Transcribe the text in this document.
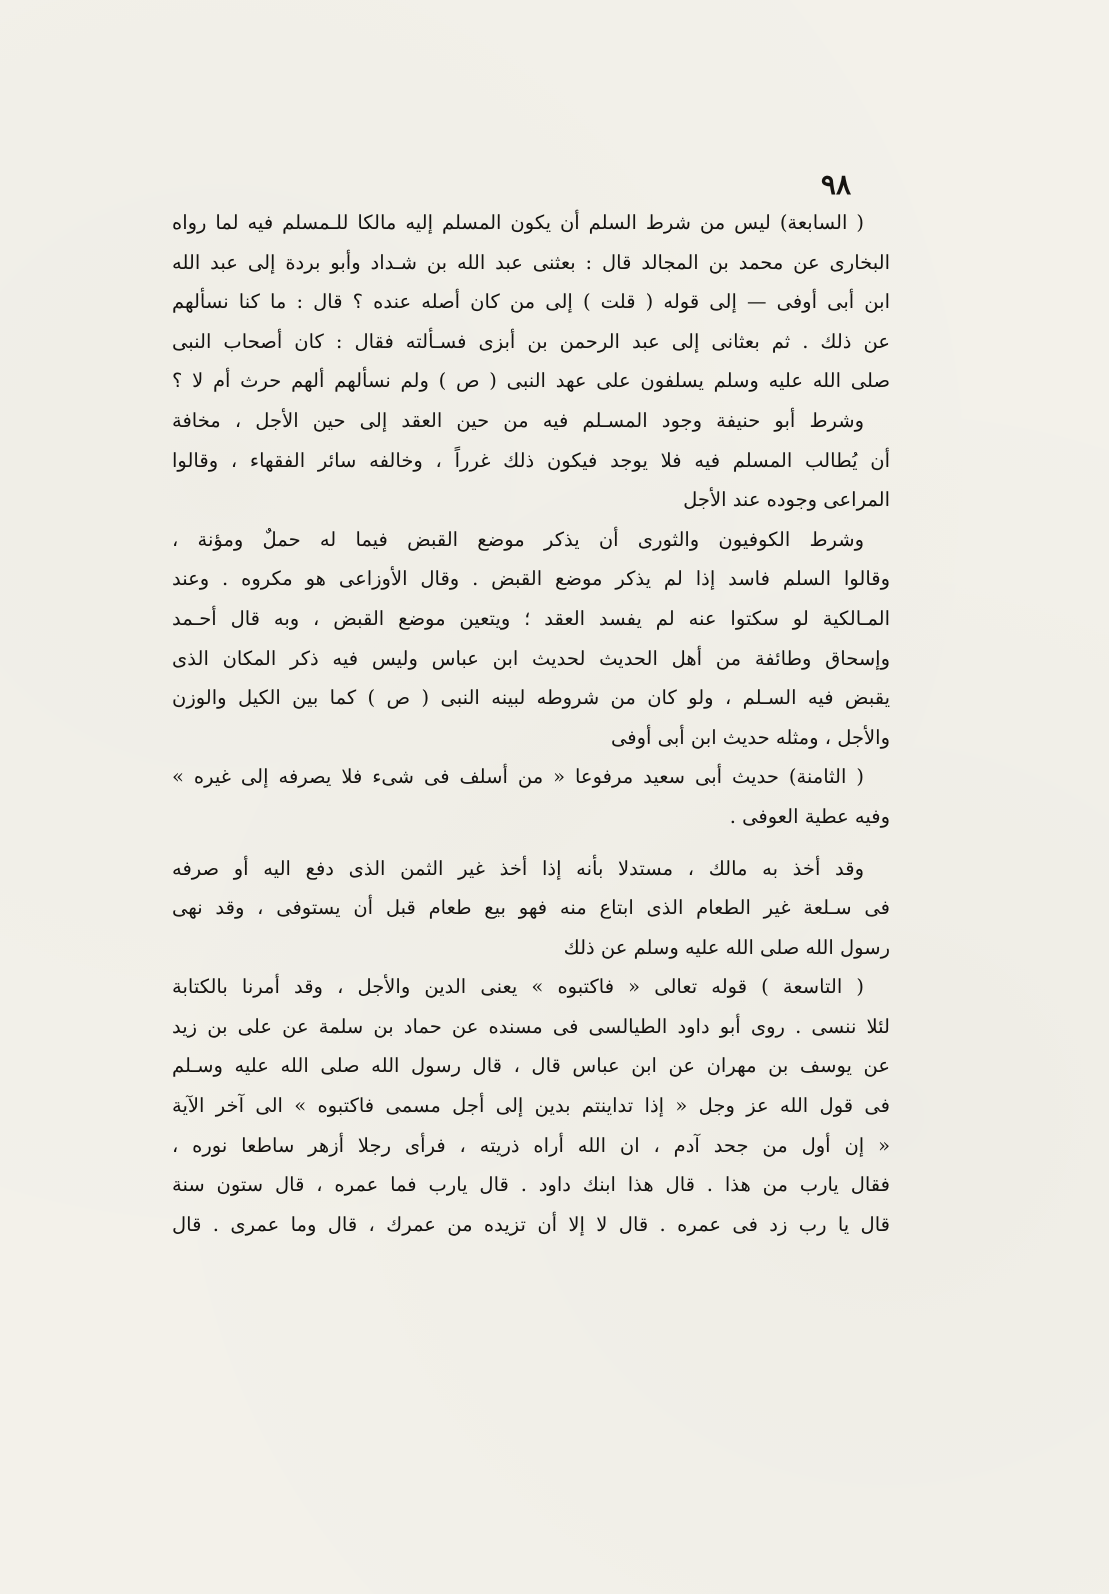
٩٨
( السابعة) ليس من شرط السلم أن يكون المسلم إليه مالكا للـمسلم فيه لما رواه
البخارى عن محمد بن المجالد قال : بعثنى عبد الله بن شـداد وأبو بردة إلى عبد الله
ابن أبى أوفى — إلى قوله ( قلت ) إلى من كان أصله عنده ؟ قال : ما كنا نسألهم
عن ذلك . ثم بعثانى إلى عبد الرحمن بن أبزى فسـألته فقال : كان أصحاب النبى
صلى الله عليه وسلم يسلفون على عهد النبى ( ص ) ولم نسألهم ألهم حرث أم لا ؟
وشرط أبو حنيفة وجود المسـلم فيه من حين العقد إلى حين الأجل ، مخافة
أن يُطالب المسلم فيه فلا يوجد فيكون ذلك غرراً ، وخالفه سائر الفقهاء ، وقالوا
المراعى وجوده عند الأجل
وشرط الكوفيون والثورى أن يذكر موضع القبض فيما له حملٌ ومؤنة ،
وقالوا السلم فاسد إذا لم يذكر موضع القبض . وقال الأوزاعى هو مكروه . وعند
المـالكية لو سكتوا عنه لم يفسد العقد ؛ ويتعين موضع القبض ، وبه قال أحـمد
وإسحاق وطائفة من أهل الحديث لحديث ابن عباس وليس فيه ذكر المكان الذى
يقبض فيه السـلم ، ولو كان من شروطه لبينه النبى ( ص ) كما بين الكيل والوزن
والأجل ، ومثله حديث ابن أبى أوفى
( الثامنة) حديث أبى سعيد مرفوعا « من أسلف فى شىء فلا يصرفه إلى غيره »
وفيه عطية العوفى .
وقد أخذ به مالك ، مستدلا بأنه إذا أخذ غير الثمن الذى دفع اليه أو صرفه
فى سـلعة غير الطعام الذى ابتاع منه فهو بيع طعام قبل أن يستوفى ، وقد نهى
رسول الله صلى الله عليه وسلم عن ذلك
( التاسعة ) قوله تعالى « فاكتبوه » يعنى الدين والأجل ، وقد أمرنا بالكتابة
لئلا ننسى . روى أبو داود الطيالسى فى مسنده عن حماد بن سلمة عن على بن زيد
عن يوسف بن مهران عن ابن عباس قال ، قال رسول الله صلى الله عليه وسـلم
فى قول الله عز وجل « إذا تداينتم بدين إلى أجل مسمى فاكتبوه » الى آخر الآية
« إن أول من جحد آدم ، ان الله أراه ذريته ، فرأى رجلا أزهر ساطعا نوره ،
فقال يارب من هذا . قال هذا ابنك داود . قال يارب فما عمره ، قال ستون سنة
قال يا رب زد فى عمره . قال لا إلا أن تزيده من عمرك ، قال وما عمرى . قال
